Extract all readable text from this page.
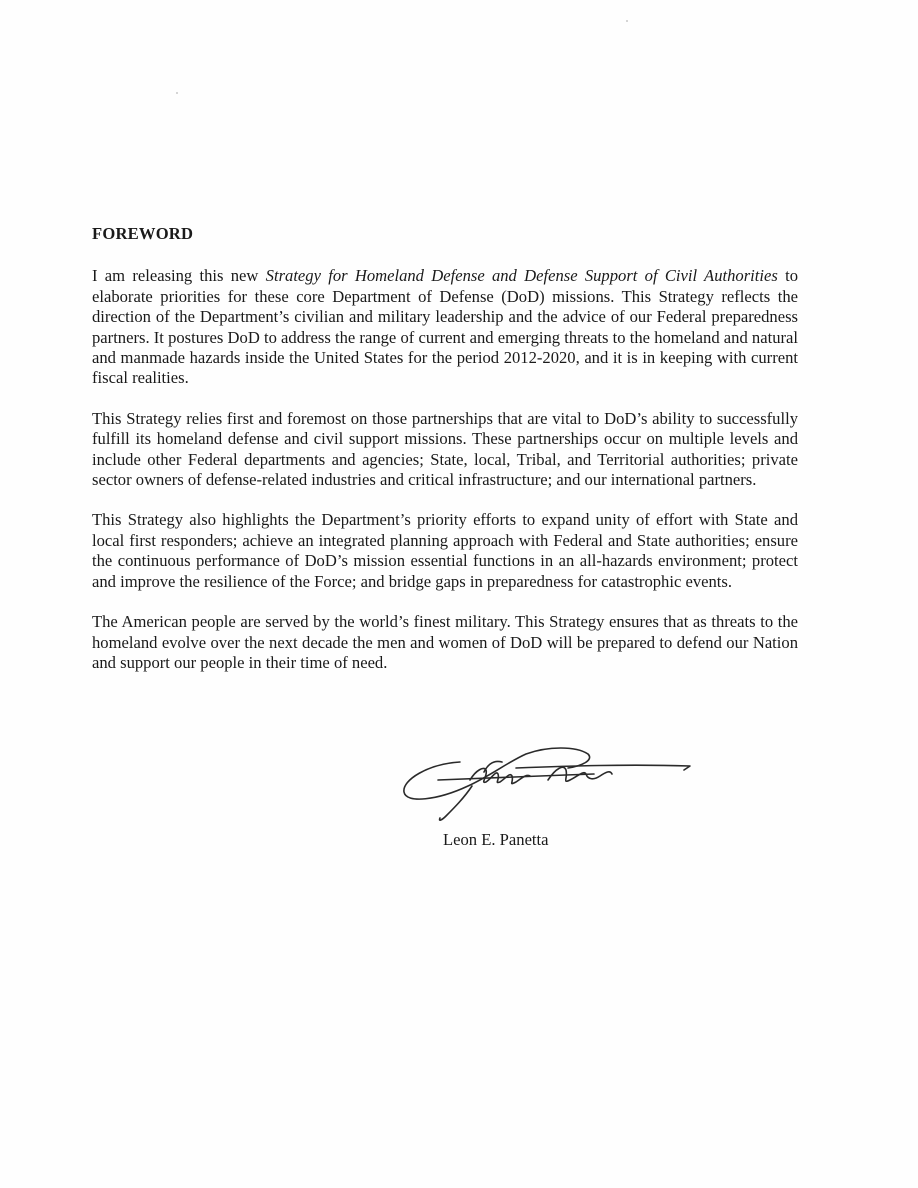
FOREWORD

I am releasing this new Strategy for Homeland Defense and Defense Support of Civil Authorities to elaborate priorities for these core Department of Defense (DoD) missions. This Strategy reflects the direction of the Department’s civilian and military leadership and the advice of our Federal preparedness partners. It postures DoD to address the range of current and emerging threats to the homeland and natural and manmade hazards inside the United States for the period 2012-2020, and it is in keeping with current fiscal realities.

This Strategy relies first and foremost on those partnerships that are vital to DoD’s ability to successfully fulfill its homeland defense and civil support missions. These partnerships occur on multiple levels and include other Federal departments and agencies; State, local, Tribal, and Territorial authorities; private sector owners of defense-related industries and critical infrastructure; and our international partners.

This Strategy also highlights the Department’s priority efforts to expand unity of effort with State and local first responders; achieve an integrated planning approach with Federal and State authorities; ensure the continuous performance of DoD’s mission essential functions in an all-hazards environment; protect and improve the resilience of the Force; and bridge gaps in preparedness for catastrophic events.

The American people are served by the world’s finest military. This Strategy ensures that as threats to the homeland evolve over the next decade the men and women of DoD will be prepared to defend our Nation and support our people in their time of need.

Leon E. Panetta
